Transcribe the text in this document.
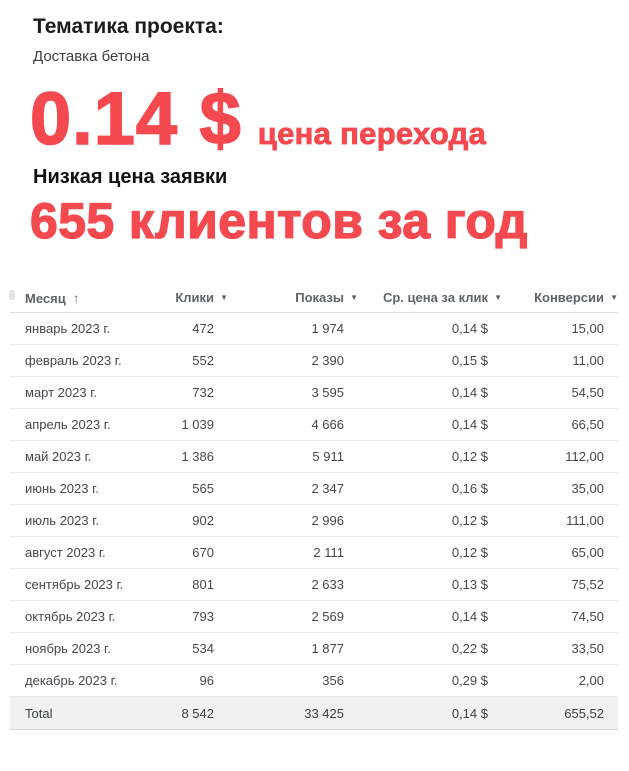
Тематика проекта:
Доставка бетона
0.14 $ цена перехода
Низкая цена заявки
655 клиентов за год
Месяц ↑	Клики ▼	Показы ▼	Ср. цена за клик ▼	Конверсии ▼
январь 2023 г.	472	1 974	0,14 $	15,00
февраль 2023 г.	552	2 390	0,15 $	11,00
март 2023 г.	732	3 595	0,14 $	54,50
апрель 2023 г.	1 039	4 666	0,14 $	66,50
май 2023 г.	1 386	5 911	0,12 $	112,00
июнь 2023 г.	565	2 347	0,16 $	35,00
июль 2023 г.	902	2 996	0,12 $	111,00
август 2023 г.	670	2 111	0,12 $	65,00
сентябрь 2023 г.	801	2 633	0,13 $	75,52
октябрь 2023 г.	793	2 569	0,14 $	74,50
ноябрь 2023 г.	534	1 877	0,22 $	33,50
декабрь 2023 г.	96	356	0,29 $	2,00
Total	8 542	33 425	0,14 $	655,52
